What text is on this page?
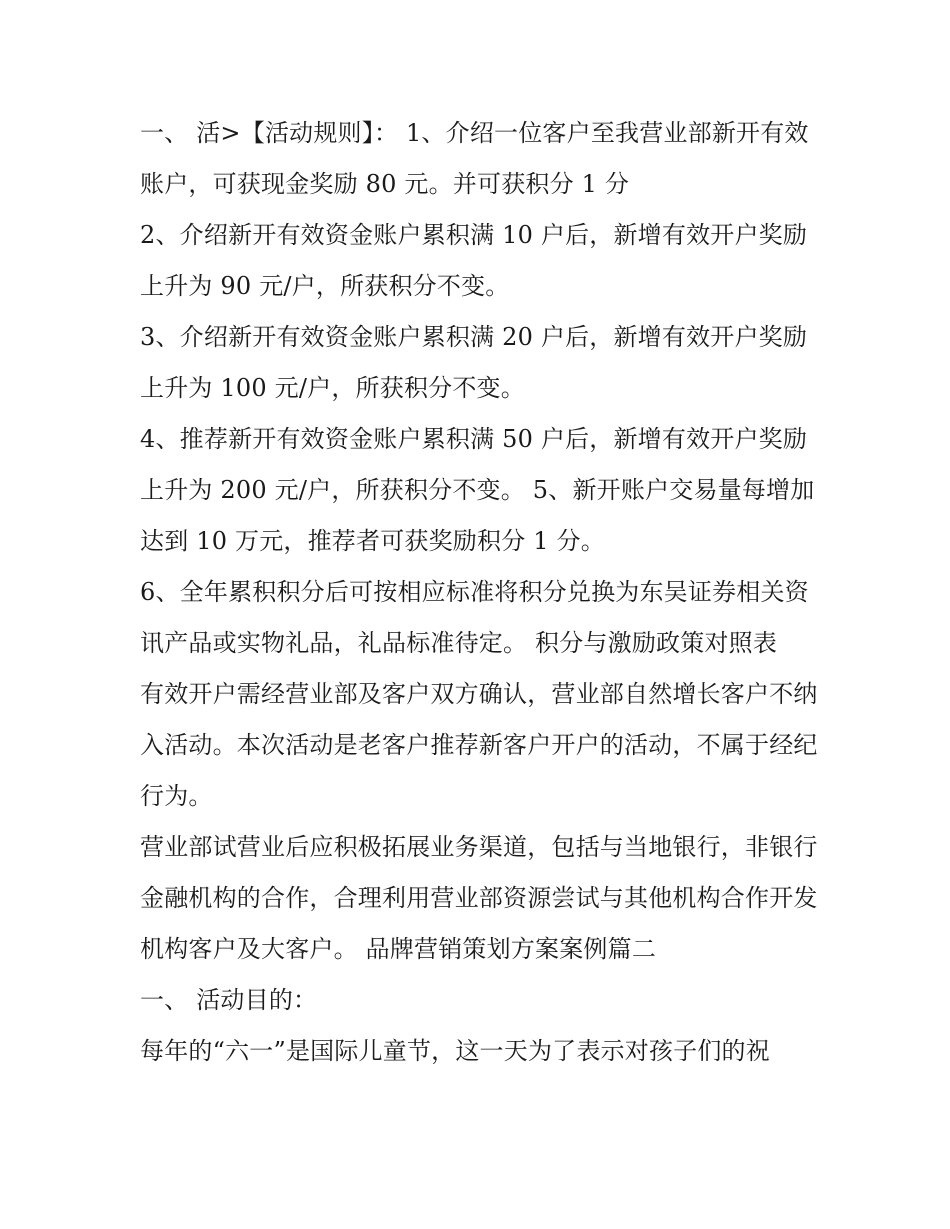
一、 活>【活动规则】： 1、介绍一位客户至我营业部新开有效账户，可获现金奖励 80 元。并可获积分 1 分

2、介绍新开有效资金账户累积满 10 户后，新增有效开户奖励上升为 90 元/户，所获积分不变。

3、介绍新开有效资金账户累积满 20 户后，新增有效开户奖励上升为 100 元/户，所获积分不变。

4、推荐新开有效资金账户累积满 50 户后，新增有效开户奖励上升为 200 元/户，所获积分不变。 5、新开账户交易量每增加达到 10 万元，推荐者可获奖励积分 1 分。

6、全年累积积分后可按相应标准将积分兑换为东吴证券相关资讯产品或实物礼品，礼品标准待定。 积分与激励政策对照表

有效开户需经营业部及客户双方确认，营业部自然增长客户不纳入活动。本次活动是老客户推荐新客户开户的活动，不属于经纪行为。

营业部试营业后应积极拓展业务渠道，包括与当地银行，非银行金融机构的合作，合理利用营业部资源尝试与其他机构合作开发机构客户及大客户。 品牌营销策划方案案例篇二

一、 活动目的：

每年的“六一”是国际儿童节，这一天为了表示对孩子们的祝
